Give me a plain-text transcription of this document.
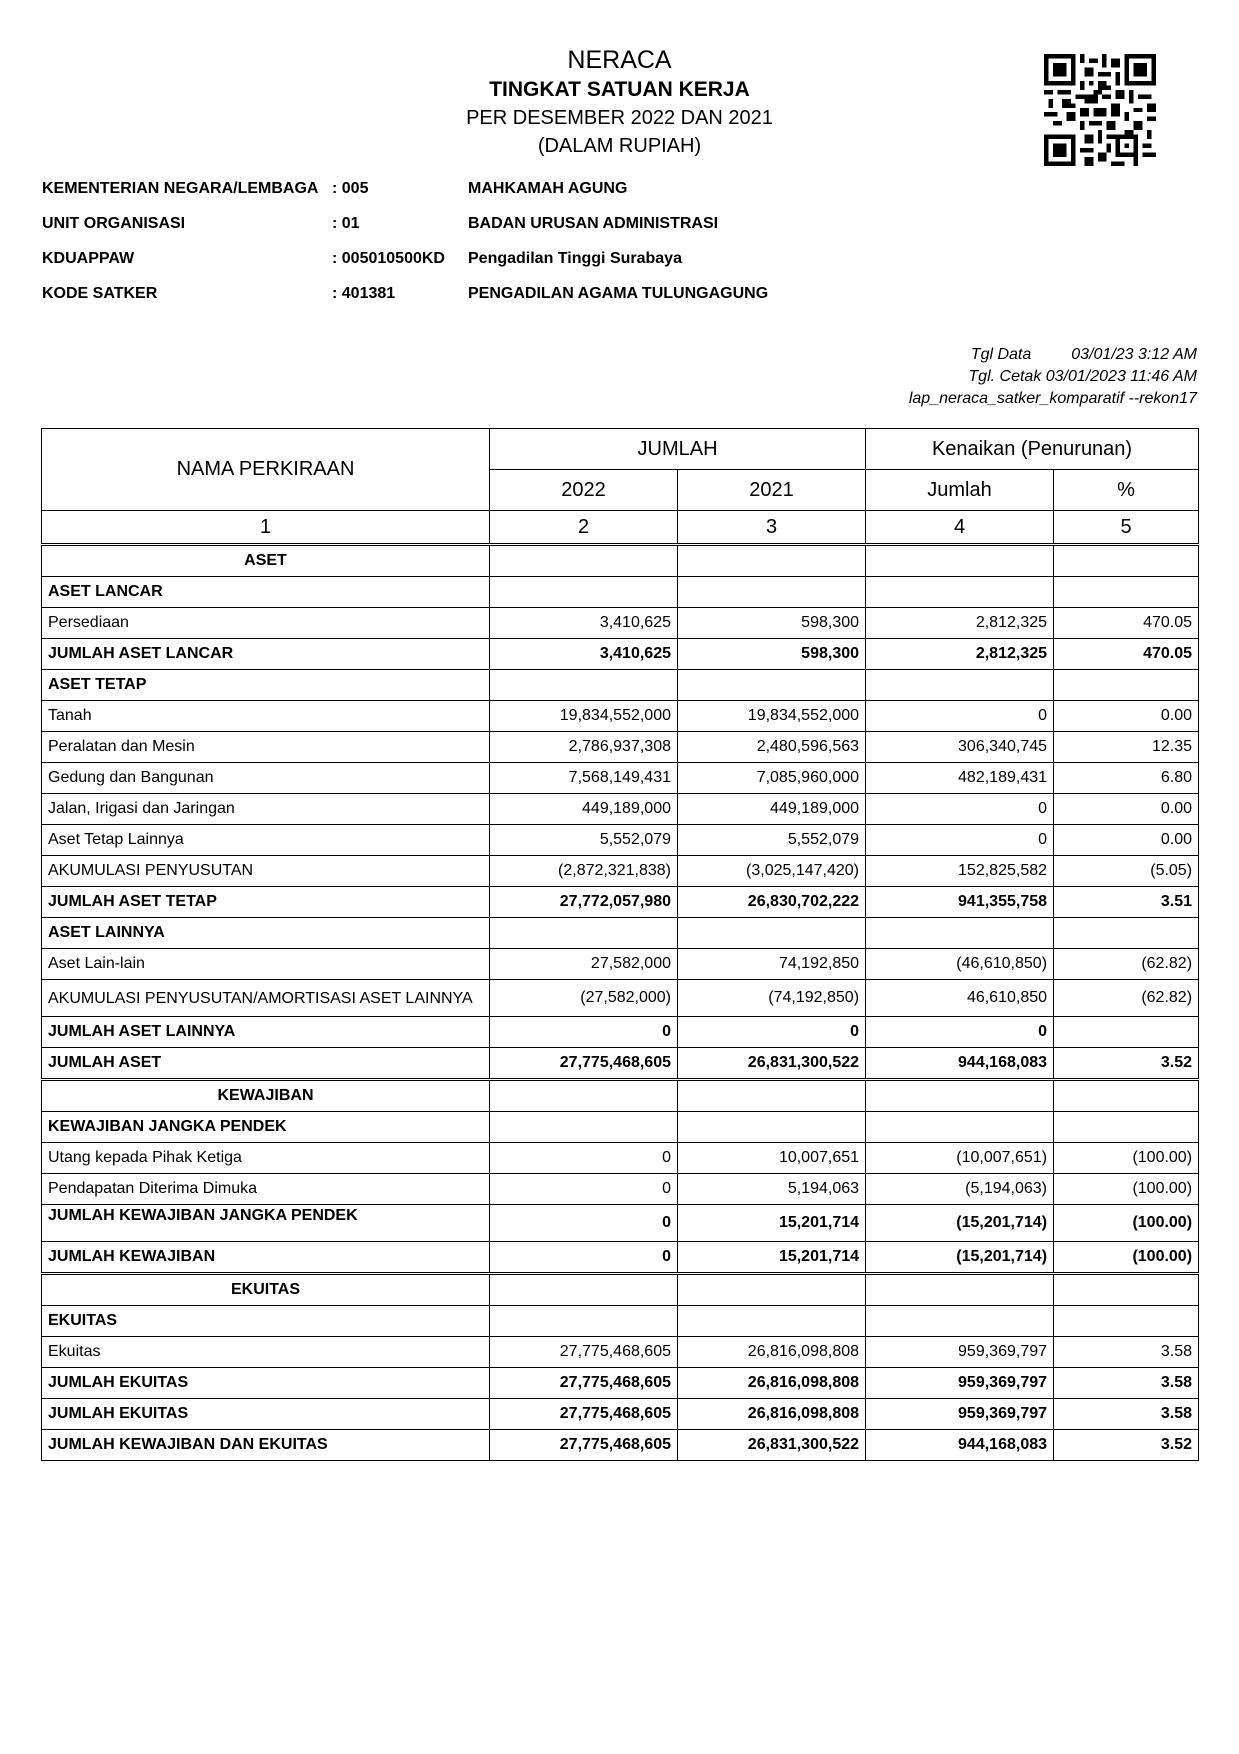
NERACA
TINGKAT SATUAN KERJA
PER DESEMBER 2022 DAN 2021
(DALAM RUPIAH)
KEMENTERIAN NEGARA/LEMBAGA : 005	MAHKAMAH AGUNG
UNIT ORGANISASI	: 01	BADAN URUSAN ADMINISTRASI
KDUAPPAW	: 005010500KD Pengadilan Tinggi Surabaya
KODE SATKER	: 401381	PENGADILAN AGAMA TULUNGAGUNG
Tgl Data         03/01/23 3:12 AM
Tgl. Cetak 03/01/2023 11:46 AM
lap_neraca_satker_komparatif --rekon17
NAMA PERKIRAAN	JUMLAH		Kenaikan (Penurunan)	
	2022	2021	Jumlah	%
1	2	3	4	5
ASET				
ASET LANCAR				
Persediaan	3,410,625	598,300	2,812,325	470.05
JUMLAH ASET LANCAR	3,410,625	598,300	2,812,325	470.05
ASET TETAP				
Tanah	19,834,552,000	19,834,552,000	0	0.00
Peralatan dan Mesin	2,786,937,308	2,480,596,563	306,340,745	12.35
Gedung dan Bangunan	7,568,149,431	7,085,960,000	482,189,431	6.80
Jalan, Irigasi dan Jaringan	449,189,000	449,189,000	0	0.00
Aset Tetap Lainnya	5,552,079	5,552,079	0	0.00
AKUMULASI PENYUSUTAN	(2,872,321,838)	(3,025,147,420)	152,825,582	(5.05)
JUMLAH ASET TETAP	27,772,057,980	26,830,702,222	941,355,758	3.51
ASET LAINNYA				
Aset Lain-lain	27,582,000	74,192,850	(46,610,850)	(62.82)
AKUMULASI PENYUSUTAN/AMORTISASI ASET LAINNYA	(27,582,000)	(74,192,850)	46,610,850	(62.82)
JUMLAH ASET LAINNYA	0	0	0	
JUMLAH ASET	27,775,468,605	26,831,300,522	944,168,083	3.52
KEWAJIBAN				
KEWAJIBAN JANGKA PENDEK				
Utang kepada Pihak Ketiga	0	10,007,651	(10,007,651)	(100.00)
Pendapatan Diterima Dimuka	0	5,194,063	(5,194,063)	(100.00)
JUMLAH KEWAJIBAN JANGKA PENDEK	0	15,201,714	(15,201,714)	(100.00)
JUMLAH KEWAJIBAN	0	15,201,714	(15,201,714)	(100.00)
EKUITAS				
EKUITAS				
Ekuitas	27,775,468,605	26,816,098,808	959,369,797	3.58
JUMLAH EKUITAS	27,775,468,605	26,816,098,808	959,369,797	3.58
JUMLAH EKUITAS	27,775,468,605	26,816,098,808	959,369,797	3.58
JUMLAH KEWAJIBAN DAN EKUITAS	27,775,468,605	26,831,300,522	944,168,083	3.52
